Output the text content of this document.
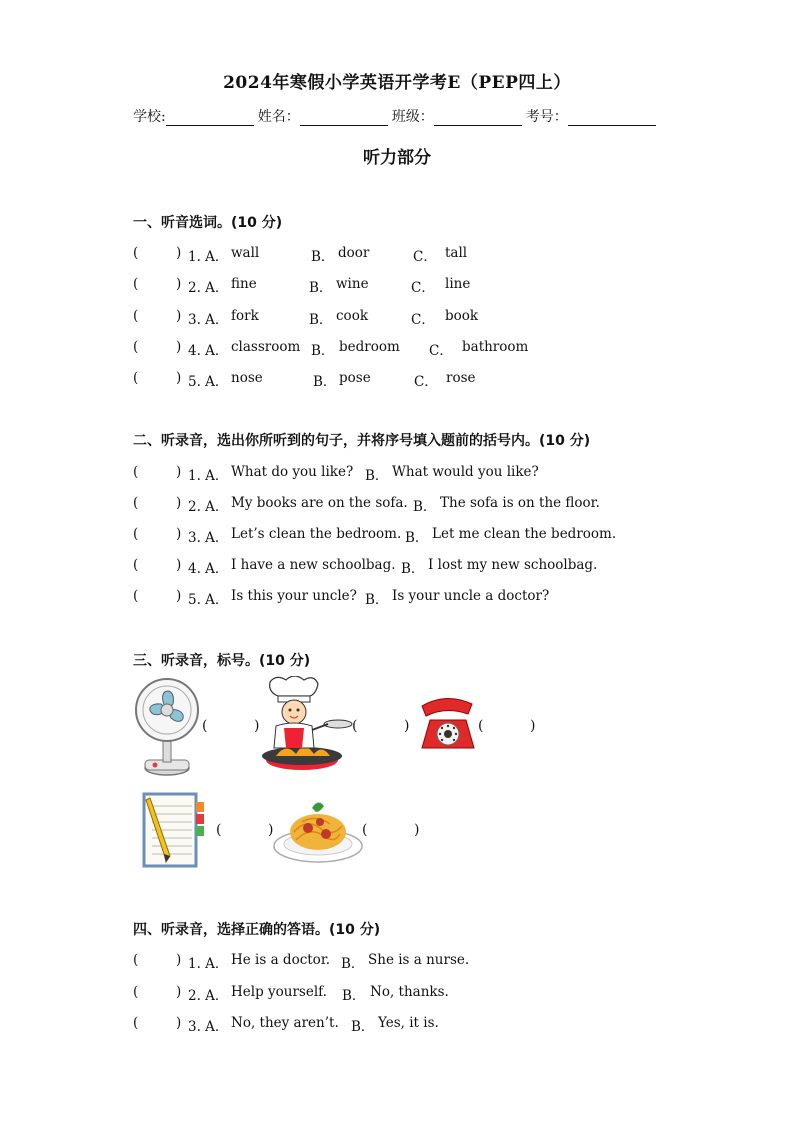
2024年寒假小学英语开学考E（PEP四上）
学校:	姓名：	班级：	考号：
听力部分
一、听音选词。(10 分)
(	) 1. A． wall	B． door	C． tall
(	) 2. A． fine	B． wine	C． line
(	) 3. A． fork	B． cook	C． book
(	) 4. A． classroom B． bedroom C． bathroom
(	) 5. A． nose	B． pose	C． rose
二、听录音，选出你所听到的句子，并将序号填入题前的括号内。(10 分)
(	) 1. A． What do you like? B． What would you like?
(	) 2. A． My books are on the sofa. B． The sofa is on the floor.
(	) 3. A． Let’s clean the bedroom. B． Let me clean the bedroom.
(	) 4. A． I have a new schoolbag. B． I lost my new schoolbag.
(	) 5. A． Is this your uncle? B． Is your uncle a doctor?
三、听录音，标号。(10 分)
(	)	(	)	(	)
(	)	(	)
四、听录音，选择正确的答语。(10 分)
(	) 1. A． He is a doctor. B． She is a nurse.
(	) 2. A． Help yourself. B． No, thanks.
(	) 3. A． No, they aren’t. B． Yes, it is.
